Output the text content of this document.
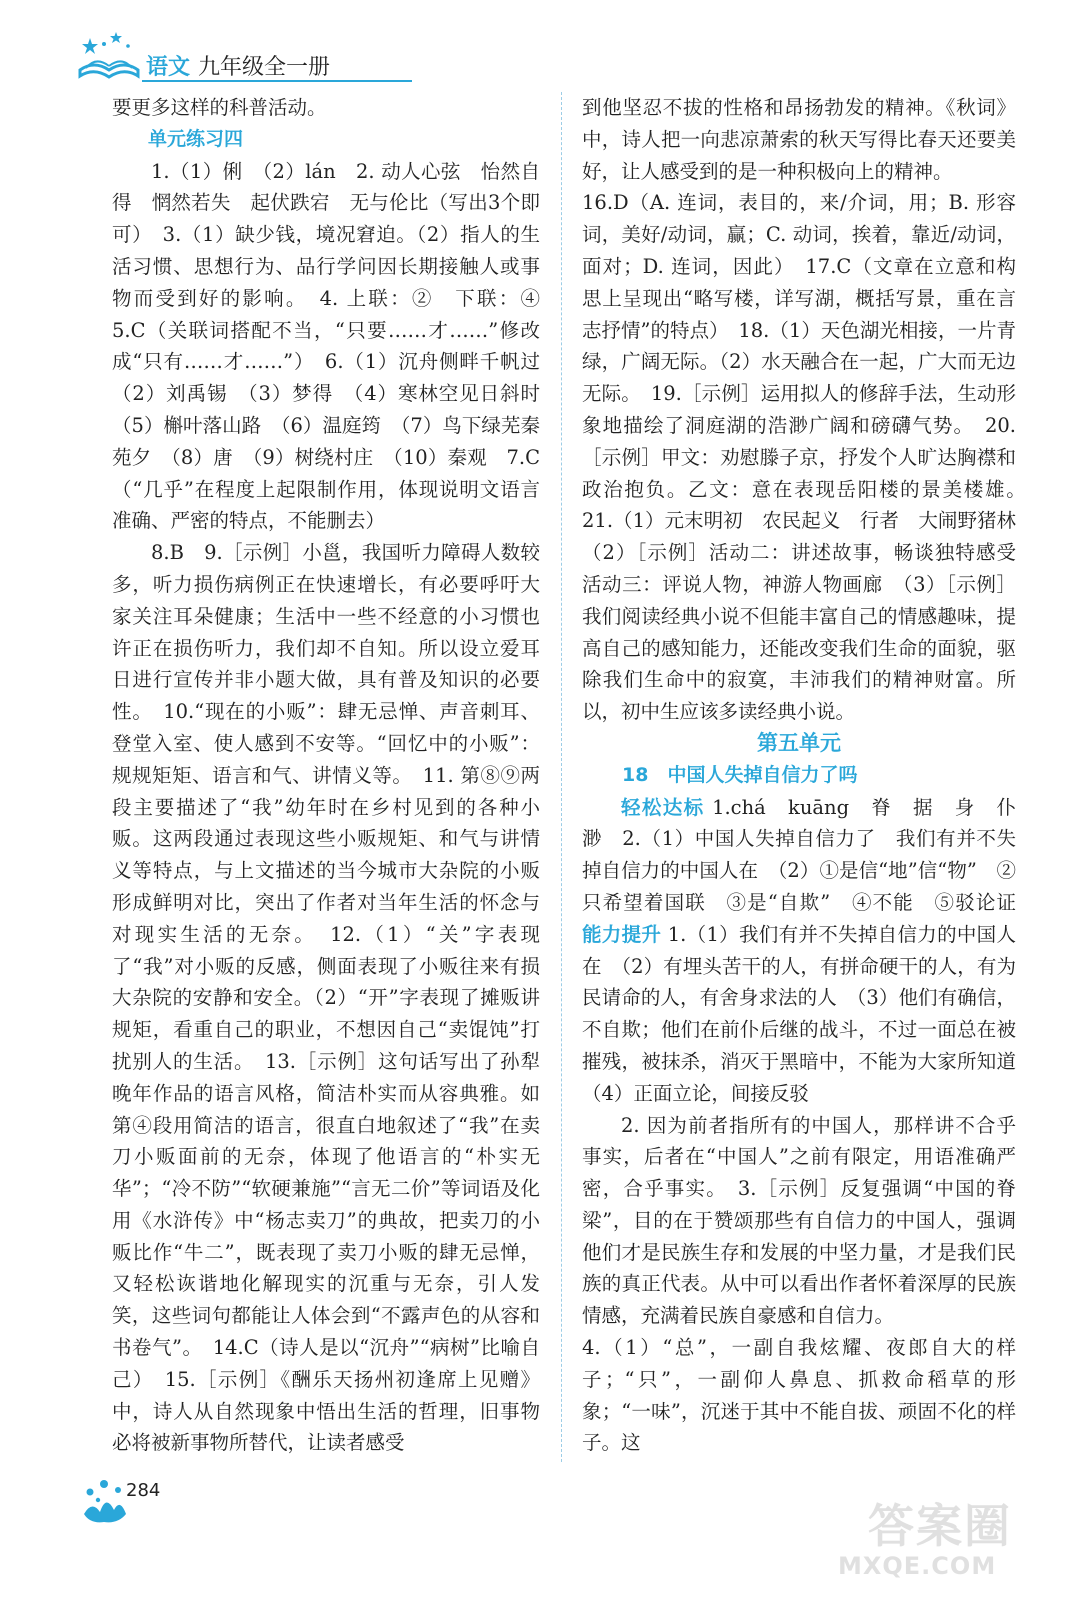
语文 九年级全一册

要更多这样的科普活动。

单元练习四

1.（1）俐　（2）lán　2. 动人心弦　怡然自得　惘然若失　起伏跌宕　无与伦比（写出3个即可）　3.（1）缺少钱，境况窘迫。（2）指人的生活习惯、思想行为、品行学问因长期接触人或事物而受到好的影响。　4. 上联：②　下联：④　5.C（关联词搭配不当，“只要……才……”修改成“只有……才……”）　6.（1）沉舟侧畔千帆过　（2）刘禹锡　（3）梦得　（4）寒林空见日斜时　（5）槲叶落山路　（6）温庭筠　（7）鸟下绿芜秦苑夕　（8）唐　（9）树绕村庄　（10）秦观　7.C（“几乎”在程度上起限制作用，体现说明文语言准确、严密的特点，不能删去）

8.B　9.［示例］小邕，我国听力障碍人数较多，听力损伤病例正在快速增长，有必要呼吁大家关注耳朵健康；生活中一些不经意的小习惯也许正在损伤听力，我们却不自知。所以设立爱耳日进行宣传并非小题大做，具有普及知识的必要性。　10.“现在的小贩”：肆无忌惮、声音刺耳、登堂入室、使人感到不安等。“回忆中的小贩”：规规矩矩、语言和气、讲情义等。　11. 第⑧⑨两段主要描述了“我”幼年时在乡村见到的各种小贩。这两段通过表现这些小贩规矩、和气与讲情义等特点，与上文描述的当今城市大杂院的小贩形成鲜明对比，突出了作者对当年生活的怀念与对现实生活的无奈。　12.（1）“关”字表现了“我”对小贩的反感，侧面表现了小贩往来有损大杂院的安静和安全。（2）“开”字表现了摊贩讲规矩，看重自己的职业，不想因自己“卖馄饨”打扰别人的生活。　13.［示例］这句话写出了孙犁晚年作品的语言风格，简洁朴实而从容典雅。如第④段用简洁的语言，很直白地叙述了“我”在卖刀小贩面前的无奈，体现了他语言的“朴实无华”；“冷不防”“软硬兼施”“言无二价”等词语及化用《水浒传》中“杨志卖刀”的典故，把卖刀的小贩比作“牛二”，既表现了卖刀小贩的肆无忌惮，又轻松诙谐地化解现实的沉重与无奈，引人发笑，这些词句都能让人体会到“不露声色的从容和书卷气”。　14.C（诗人是以“沉舟”“病树”比喻自己）　15.［示例］《酬乐天扬州初逢席上见赠》中，诗人从自然现象中悟出生活的哲理，旧事物必将被新事物所替代，让读者感受

到他坚忍不拔的性格和昂扬勃发的精神。《秋词》中，诗人把一向悲凉萧索的秋天写得比春天还要美好，让人感受到的是一种积极向上的精神。

16.D（A. 连词，表目的，来/介词，用；B. 形容词，美好/动词，赢；C. 动词，挨着，靠近/动词，面对；D. 连词，因此）　17.C（文章在立意和构思上呈现出“略写楼，详写湖，概括写景，重在言志抒情”的特点）　18.（1）天色湖光相接，一片青绿，广阔无际。（2）水天融合在一起，广大而无边无际。　19.［示例］运用拟人的修辞手法，生动形象地描绘了洞庭湖的浩渺广阔和磅礴气势。　20.［示例］甲文：劝慰滕子京，抒发个人旷达胸襟和政治抱负。乙文：意在表现岳阳楼的景美楼雄。　21.（1）元末明初　农民起义　行者　大闹野猪林　（2）［示例］活动二：讲述故事，畅谈独特感受　活动三：评说人物，神游人物画廊　（3）［示例］我们阅读经典小说不但能丰富自己的情感趣味，提高自己的感知能力，还能改变我们生命的面貌，驱除我们生命中的寂寞，丰沛我们的精神财富。所以，初中生应该多读经典小说。

第五单元

18　中国人失掉自信力了吗

轻松达标 1.chá　kuāng　脊　据　身　仆　渺　2.（1）中国人失掉自信力了　我们有并不失掉自信力的中国人在　（2）①是信“地”信“物”　②只希望着国联　③是“自欺”　④不能　⑤驳论证 能力提升 1.（1）我们有并不失掉自信力的中国人在　（2）有埋头苦干的人，有拼命硬干的人，有为民请命的人，有舍身求法的人　（3）他们有确信，不自欺；他们在前仆后继的战斗，不过一面总在被摧残，被抹杀，消灭于黑暗中，不能为大家所知道　（4）正面立论，间接反驳

2. 因为前者指所有的中国人，那样讲不合乎事实，后者在“中国人”之前有限定，用语准确严密，合乎事实。　3.［示例］反复强调“中国的脊梁”，目的在于赞颂那些有自信力的中国人，强调他们才是民族生存和发展的中坚力量，才是我们民族的真正代表。从中可以看出作者怀着深厚的民族情感，充满着民族自豪感和自信力。

4.（1）“总”，一副自我炫耀、夜郎自大的样子；“只”，一副仰人鼻息、抓救命稻草的形象；“一味”，沉迷于其中不能自拔、顽固不化的样子。这

284
答案圈
MXQE.COM
